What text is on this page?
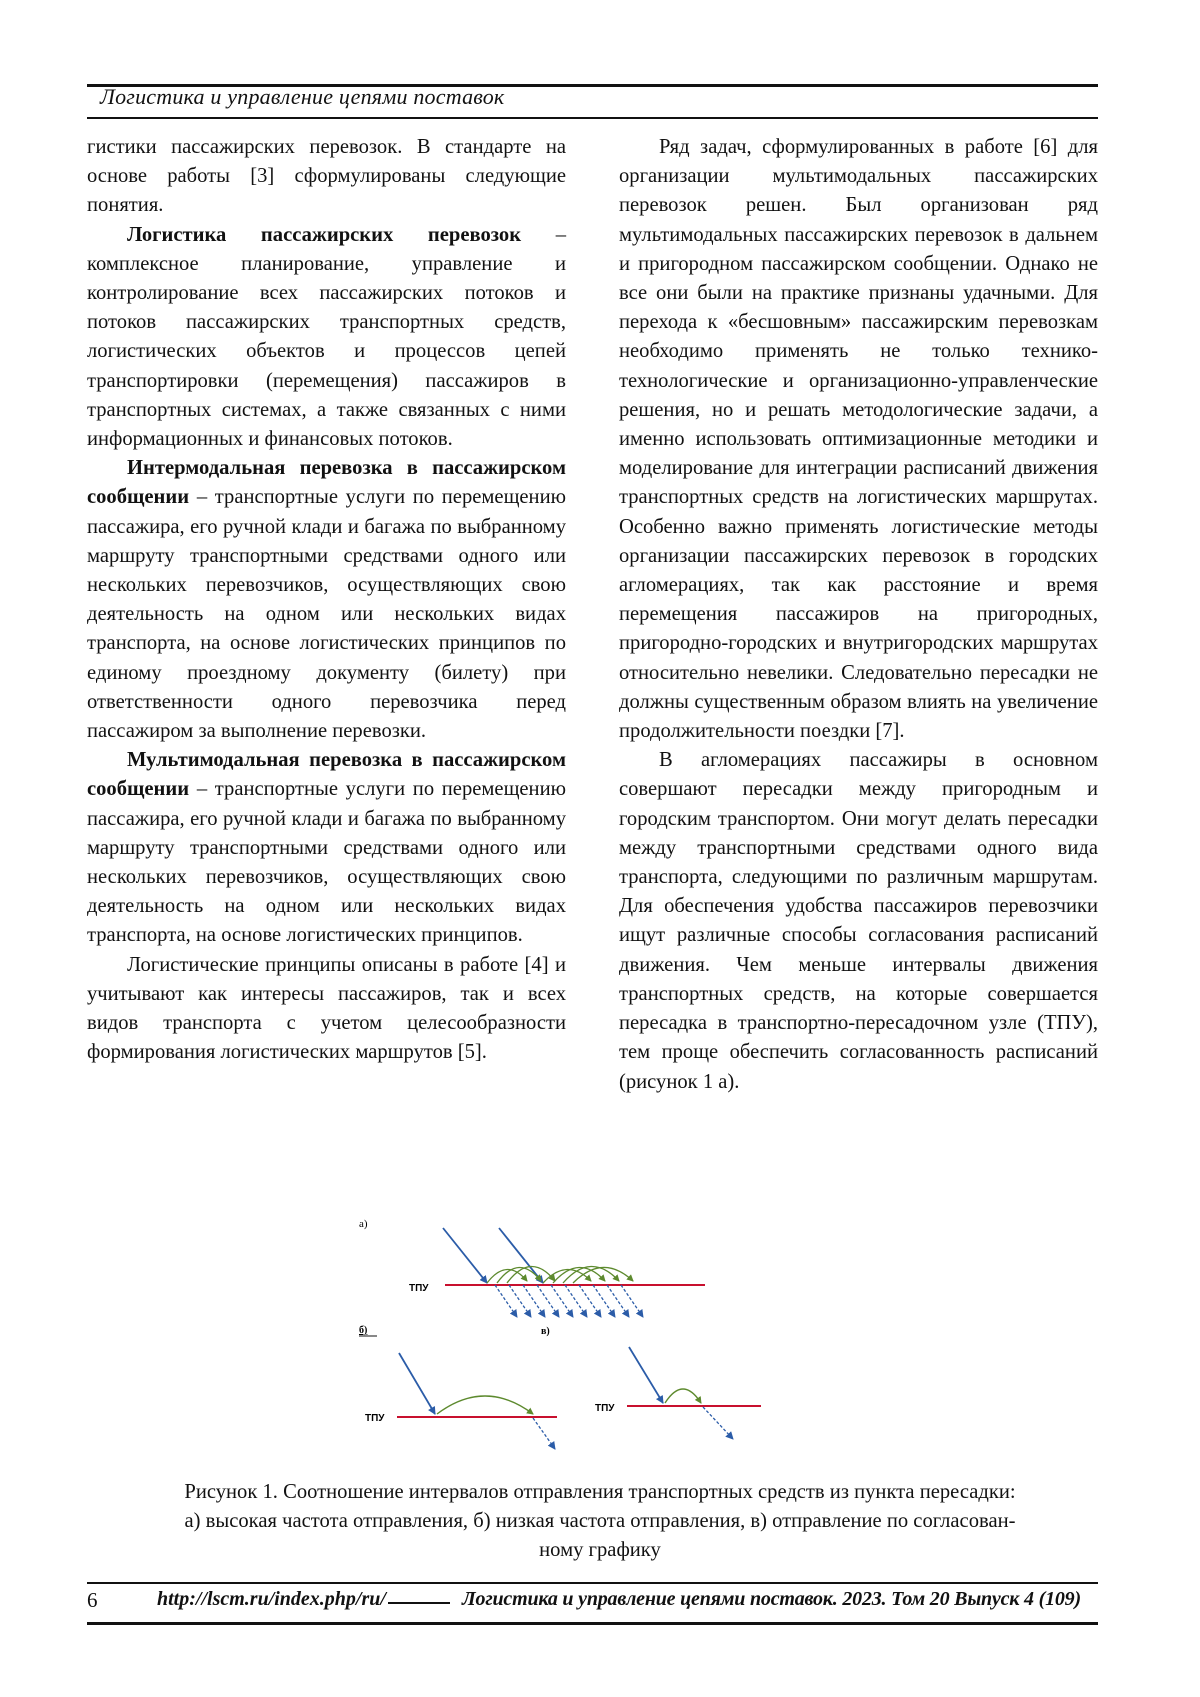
Логистика и управление цепями поставок

гистики пассажирских перевозок. В стандарте на основе работы [3] сформулированы следующие понятия.

Логистика пассажирских перевозок – комплексное планирование, управление и контролирование всех пассажирских потоков и потоков пассажирских транспортных средств, логистических объектов и процессов цепей транспортировки (перемещения) пассажиров в транспортных системах, а также связанных с ними информационных и финансовых потоков.

Интермодальная перевозка в пассажирском сообщении – транспортные услуги по перемещению пассажира, его ручной клади и багажа по выбранному маршруту транспортными средствами одного или нескольких перевозчиков, осуществляющих свою деятельность на одном или нескольких видах транспорта, на основе логистических принципов по единому проездному документу (билету) при ответственности одного перевозчика перед пассажиром за выполнение перевозки.

Мультимодальная перевозка в пассажирском сообщении – транспортные услуги по перемещению пассажира, его ручной клади и багажа по выбранному маршруту транспортными средствами одного или нескольких перевозчиков, осуществляющих свою деятельность на одном или нескольких видах транспорта, на основе логистических принципов.

Логистические принципы описаны в работе [4] и учитывают как интересы пассажиров, так и всех видов транспорта с учетом целесообразности формирования логистических маршрутов [5].

Ряд задач, сформулированных в работе [6] для организации мультимодальных пассажирских перевозок решен. Был организован ряд мультимодальных пассажирских перевозок в дальнем и пригородном пассажирском сообщении. Однако не все они были на практике признаны удачными. Для перехода к «бесшовным» пассажирским перевозкам необходимо применять не только технико-технологические и организационно-управленческие решения, но и решать методологические задачи, а именно использовать оптимизационные методики и моделирование для интеграции расписаний движения транспортных средств на логистических маршрутах. Особенно важно применять логистические методы организации пассажирских перевозок в городских агломерациях, так как расстояние и время перемещения пассажиров на пригородных, пригородно-городских и внутригородских маршрутах относительно невелики. Следовательно пересадки не должны существенным образом влиять на увеличение продолжительности поездки [7].

В агломерациях пассажиры в основном совершают пересадки между пригородным и городским транспортом. Они могут делать пересадки между транспортными средствами одного вида транспорта, следующими по различным маршрутам. Для обеспечения удобства пассажиров перевозчики ищут различные способы согласования расписаний движения. Чем меньше интервалы движения транспортных средств, на которые совершается пересадка в транспортно-пересадочном узле (ТПУ), тем проще обеспечить согласованность расписаний (рисунок 1 а).

а)
ТПУ
б)
ТПУ
в)
ТПУ
Рисунок 1. Соотношение интервалов отправления транспортных средств из пункта пересадки:
а) высокая частота отправления, б) низкая частота отправления, в) отправление по согласован-
ному графику
6	http://lscm.ru/index.php/ru/	Логистика и управление цепями поставок. 2023. Том 20 Выпуск 4 (109)
